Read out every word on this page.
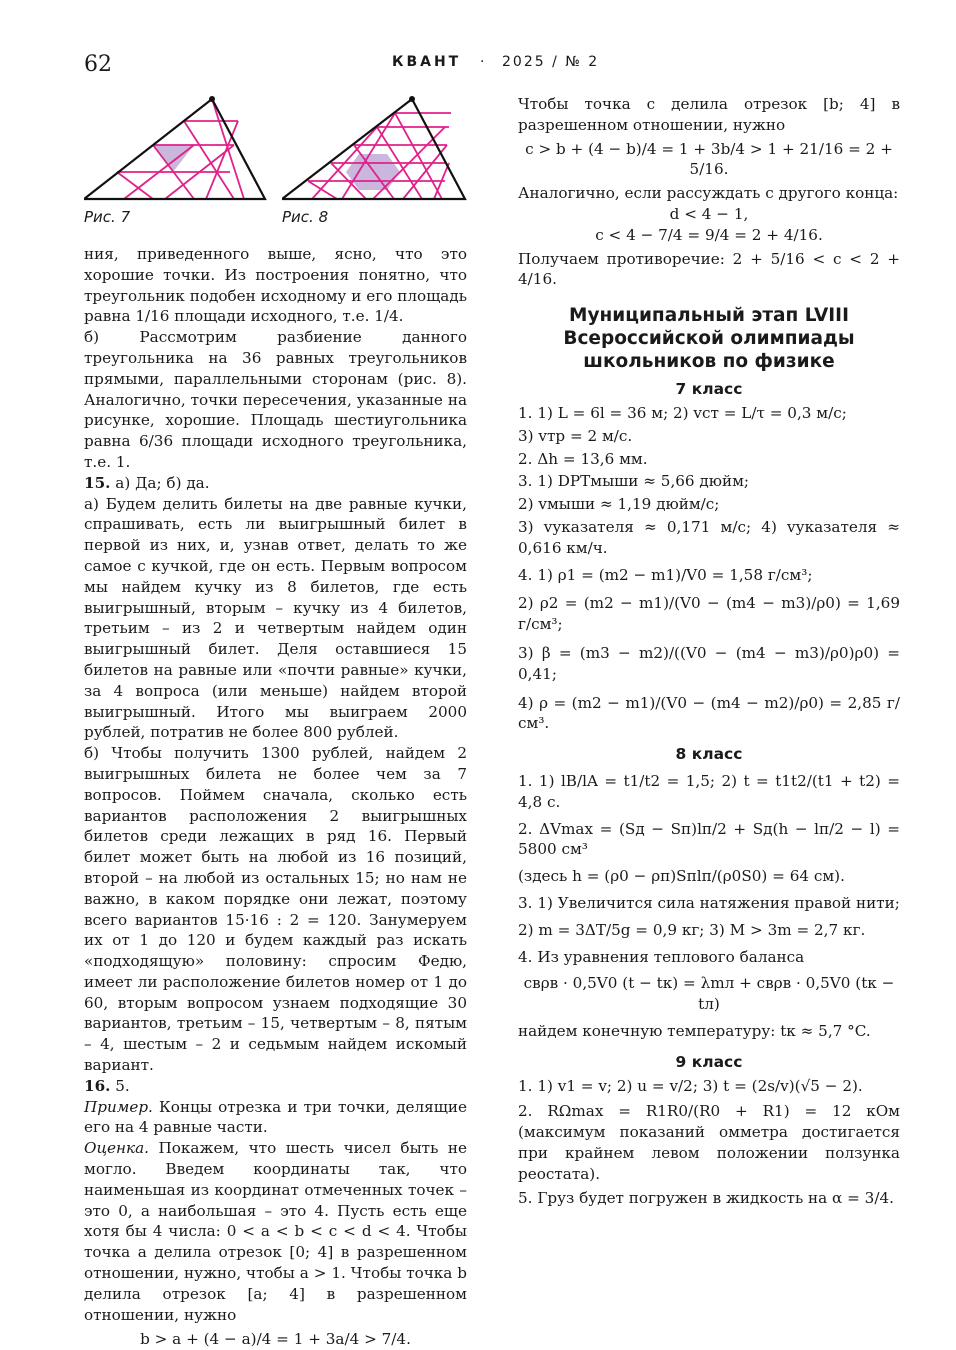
62	КВАНТ · 2025 / № 2
Рис. 7	Рис. 8

ния, приведенного выше, ясно, что это хорошие точки. Из построения понятно, что треугольник подобен исходному и его площадь равна 1/16 площади исходного, т.е. 1/4.

б) Рассмотрим разбиение данного треугольника на 36 равных треугольников прямыми, параллельными сторонам (рис. 8). Аналогично, точки пересечения, указанные на рисунке, хорошие. Площадь шестиугольника равна 6/36 площади исходного треугольника, т.е. 1.

15. а) Да; б) да.

а) Будем делить билеты на две равные кучки, спрашивать, есть ли выигрышный билет в первой из них, и, узнав ответ, делать то же самое с кучкой, где он есть. Первым вопросом мы найдем кучку из 8 билетов, где есть выигрышный, вторым – кучку из 4 билетов, третьим – из 2 и четвертым найдем один выигрышный билет. Деля оставшиеся 15 билетов на равные или «почти равные» кучки, за 4 вопроса (или меньше) найдем второй выигрышный. Итого мы выиграем 2000 рублей, потратив не более 800 рублей.

б) Чтобы получить 1300 рублей, найдем 2 выигрышных билета не более чем за 7 вопросов. Поймем сначала, сколько есть вариантов расположения 2 выигрышных билетов среди лежащих в ряд 16. Первый билет может быть на любой из 16 позиций, второй – на любой из остальных 15; но нам не важно, в каком порядке они лежат, поэтому всего вариантов 15·16 : 2 = 120. Занумеруем их от 1 до 120 и будем каждый раз искать «подходящую» половину: спросим Федю, имеет ли расположение билетов номер от 1 до 60, вторым вопросом узнаем подходящие 30 вариантов, третьим – 15, четвертым – 8, пятым – 4, шестым – 2 и седьмым найдем искомый вариант.

16. 5.

Пример. Концы отрезка и три точки, делящие его на 4 равные части.

Оценка. Покажем, что шесть чисел быть не могло. Введем координаты так, что наименьшая из координат отмеченных точек – это 0, а наибольшая – это 4. Пусть есть еще хотя бы 4 числа: 0 < a < b < c < d < 4. Чтобы точка a делила отрезок [0; 4] в разрешенном отношении, нужно, чтобы a > 1. Чтобы точка b делила отрезок [a; 4] в разрешенном отношении, нужно

b > a + (4 − a)/4 = 1 + 3a/4 > 7/4.

Чтобы точка c делила отрезок [b; 4] в разрешенном отношении, нужно

c > b + (4 − b)/4 = 1 + 3b/4 > 1 + 21/16 = 2 + 5/16.

Аналогично, если рассуждать с другого конца:

d < 4 − 1,

c < 4 − 7/4 = 9/4 = 2 + 4/16.

Получаем противоречие: 2 + 5/16 < c < 2 + 4/16.

Муниципальный этап LVIII Всероссийской олимпиады школьников по физике
7 класс

1. 1) L = 6l = 36 м; 2) vст = L/τ = 0,3 м/с;

3) vтр = 2 м/с.

2. Δh = 13,6 мм.

3. 1) DPTмыши ≈ 5,66 дюйм;

2) vмыши ≈ 1,19 дюйм/с;

3) vуказателя ≈ 0,171 м/с; 4) vуказателя ≈ 0,616 км/ч.

4. 1) ρ1 = (m2 − m1)/V0 = 1,58 г/см³;

2) ρ2 = (m2 − m1)/(V0 − (m4 − m3)/ρ0) = 1,69 г/см³;

3) β = (m3 − m2)/((V0 − (m4 − m3)/ρ0)ρ0) = 0,41;

4) ρ = (m2 − m1)/(V0 − (m4 − m2)/ρ0) = 2,85 г/см³.

8 класс

1. 1) lB/lA = t1/t2 = 1,5; 2) t = t1t2/(t1 + t2) = 4,8 с.

2. ΔVmax = (Sд − Sп)lп/2 + Sд(h − lп/2 − l) = 5800 см³

(здесь h = (ρ0 − ρп)Sпlп/(ρ0S0) = 64 см).

3. 1) Увеличится сила натяжения правой нити;

2) m = 3ΔT/5g = 0,9 кг; 3) M > 3m = 2,7 кг.

4. Из уравнения теплового баланса

cвρв · 0,5V0 (t − tк) = λmл + cвρв · 0,5V0 (tк − tл)

найдем конечную температуру: tк ≈ 5,7 °C.

9 класс

1. 1) v1 = v; 2) u = v/2; 3) t = (2s/v)(√5 − 2).

2. RΩmax = R1R0/(R0 + R1) = 12 кОм (максимум показаний омметра достигается при крайнем левом положении ползунка реостата).

5. Груз будет погружен в жидкость на α = 3/4.
